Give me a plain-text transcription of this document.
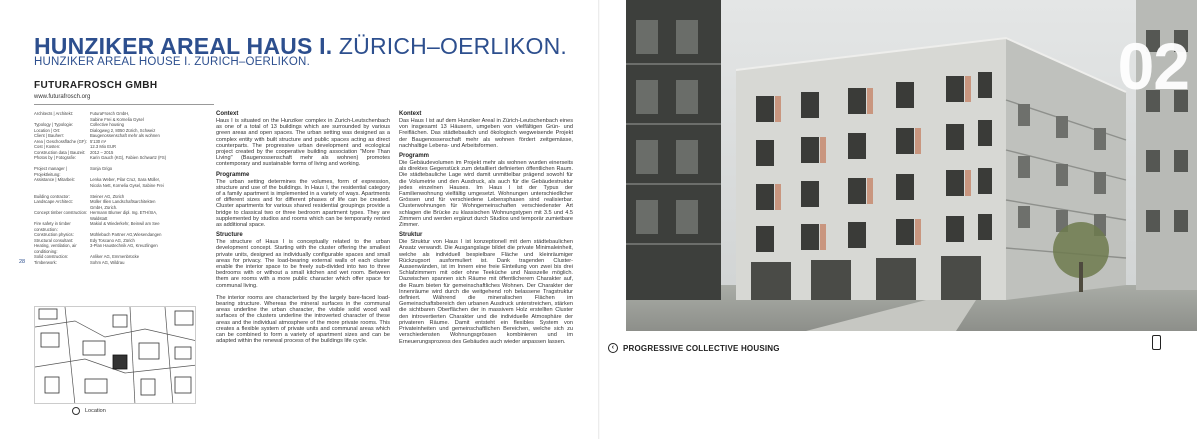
HUNZIKER AREAL HAUS I. ZÜRICH–OERLIKON.
HUNZIKER AREAL HOUSE I. ZURICH–OERLIKON.
FUTURAFROSCH GMBH
www.futurafrosch.org
Architects | Architekt:	FuturaFrosch GmbH,
Sabine Frei & Kornelia Gysel
Typology | Typologie:	Collective housing
Location | Ort:	Dialogweg 2, 8050 Zürich, Schweiz
Client | Bauherr:	Baugenossenschaft mehr als wohnen
Area | Geschossfläche (GF): 5'130 m²
Cost | Kosten:	12.3 Mio EUR
Construction data | Bauzeit:	2012 – 2015
Photos by | Fotografie:	Karin Gauch (KG), Fabien Schwartz (FS)
Project manager | Projektleitung:
Sonja Grigo
Assistance | Mitarbeit:	Lenka Weber, Pilar Cruz, Sara Müller,
Nicola Nett, Kornelia Gysel, Sabine Frei
Building contractor:	Steiner AG, Zürich
Landscape Architect:	Müller Illien Landschaftsarchitekten
GmbH, Zürich.
Concept timber construction: Hermann Blumer dipl. Ing. ETH/SIA,
Waldstatt
Fire safety in timber construction:
Makiol & Wiederkehr, Beinwil am See
Construction physics:	Mühlebach Partner AG,Wiesendangen
Structural consultant:	Edy Toscano AG, Zürich
Heating, ventilation, air conditioning:
3-Plan Haustechnik AG, Kreuzlingen
Solid construction:	Anliker AG, Emmenbrücke
Timberwork:	Sohm AG, Wildrau
28
Location
Context

Haus I is situated on the Hunziker complex in Zurich-Leutschenbach as one of a total of 13 buildings which are surrounded by various green areas and open spaces. The urban setting was designed as a complex entity with built structure and public spaces acting as direct counterparts. The progressive urban development and ecological project created by the cooperative building association "More Than Living" (Baugenossenschaft mehr als wohnen) promotes contemporary and sustainable forms of living and working.

Programme

The urban setting determines the volumes, form of expression, structure and use of the buildings. In Haus I, the residential category of a family apartment is implemented in a variety of ways. Apartments of different sizes and for different phases of life can be created. Cluster apartments for various shared residential groupings provide a bridge to classical two or three bedroom apartment types. They are supplemented by studios and rooms which can be temporarily rented as additional space.

Structure

The structure of Haus I is conceptually related to the urban development concept. Starting with the cluster offering the smallest private units, designed as individually configurable spaces and small areas for privacy. The load-bearing external walls of each cluster enable the interior space to be freely sub-divided into two to three bedrooms with or without a small kitchen and wet room. Between them are rooms with a more public character which offer space for communal living.

The interior rooms are characterised by the largely bare-faced load-bearing structure. Whereas the mineral surfaces in the communal areas underline the urban character, the visible solid wood wall surfaces of the clusters underline the introverted character of these areas and the individual atmosphere of the more private rooms. This creates a flexible system of private units and communal areas which can be combined to form a variety of apartment sizes and can be adapted within the renewal process of the buildings life cycle.

Kontext

Das Haus I ist auf dem Hunziker Areal in Zürich-Leutschenbach eines von insgesamt 13 Häusern, umgeben von vielfältigen Grün- und Freiflächen. Das städtebaulich und ökologisch wegweisende Projekt der Baugenossenschaft mehr als wohnen fördert zeitgemässe, nachhaltige Lebens- und Arbeitsformen.

Programm

Die Gebäudevolumen im Projekt mehr als wohnen wurden einerseits als direktes Gegenstück zum detailliert definierten öffentlichen Raum. Die städtebauliche Lage wird damit unmittelbar prägend sowohl für die Volumetrie und den Ausdruck, als auch für die Gebäudestruktur jedes einzelnen Hauses. Im Haus I ist der Typus der Familienwohnung vielfältig umgesetzt. Wohnungen unterschiedlicher Grössen und für verschiedene Lebensphasen sind realisierbar. Clusterwohnungen für Wohngemeinschaften verschiedenster Art schlagen die Brücke zu klassischen Wohnungstypen mit 3.5 und 4.5 Zimmern und werden ergänzt durch Studios und temporär zumietbare Zimmer.

Struktur

Die Struktur von Haus I ist konzeptionell mit dem städtebaulichen Ansatz verwandt. Die Ausgangslage bildet die private Minimaleinheit, welche als individuell bespielbare Fläche und kleinräumiger Rückzugsort ausformuliert ist. Dank tragenden Cluster-Aussenwänden, ist im Innern eine freie Einteilung von zwei bis drei Schlafzimmern mit oder ohne Teeküche und Nasszelle möglich. Dazwischen spannen sich Räume mit öffentlicherem Charakter auf, die Raum bieten für gemeinschaftliches Wohnen. Der Charakter der Innenräume wird durch die weitgehend roh belassene Tragstruktur definiert. Während die mineralischen Flächen im Gemeinschaftsbereich den urbanen Ausdruck unterstreichen, stärken die sichtbaren Oberflächen der in massivem Holz erstellten Cluster den introvertierten Charakter und die individuelle Atmosphäre der privateren Räume. Damit entsteht ein flexibles System von Privateinheiten und gemeinschaftlichen Bereichen, welche sich zu verschiedensten Wohnungsgrössen kombinieren und im Erneuerungsprozess des Gebäudes auch wieder anpassen lassen.

02
‹	PROGRESSIVE COLLECTIVE HOUSING
